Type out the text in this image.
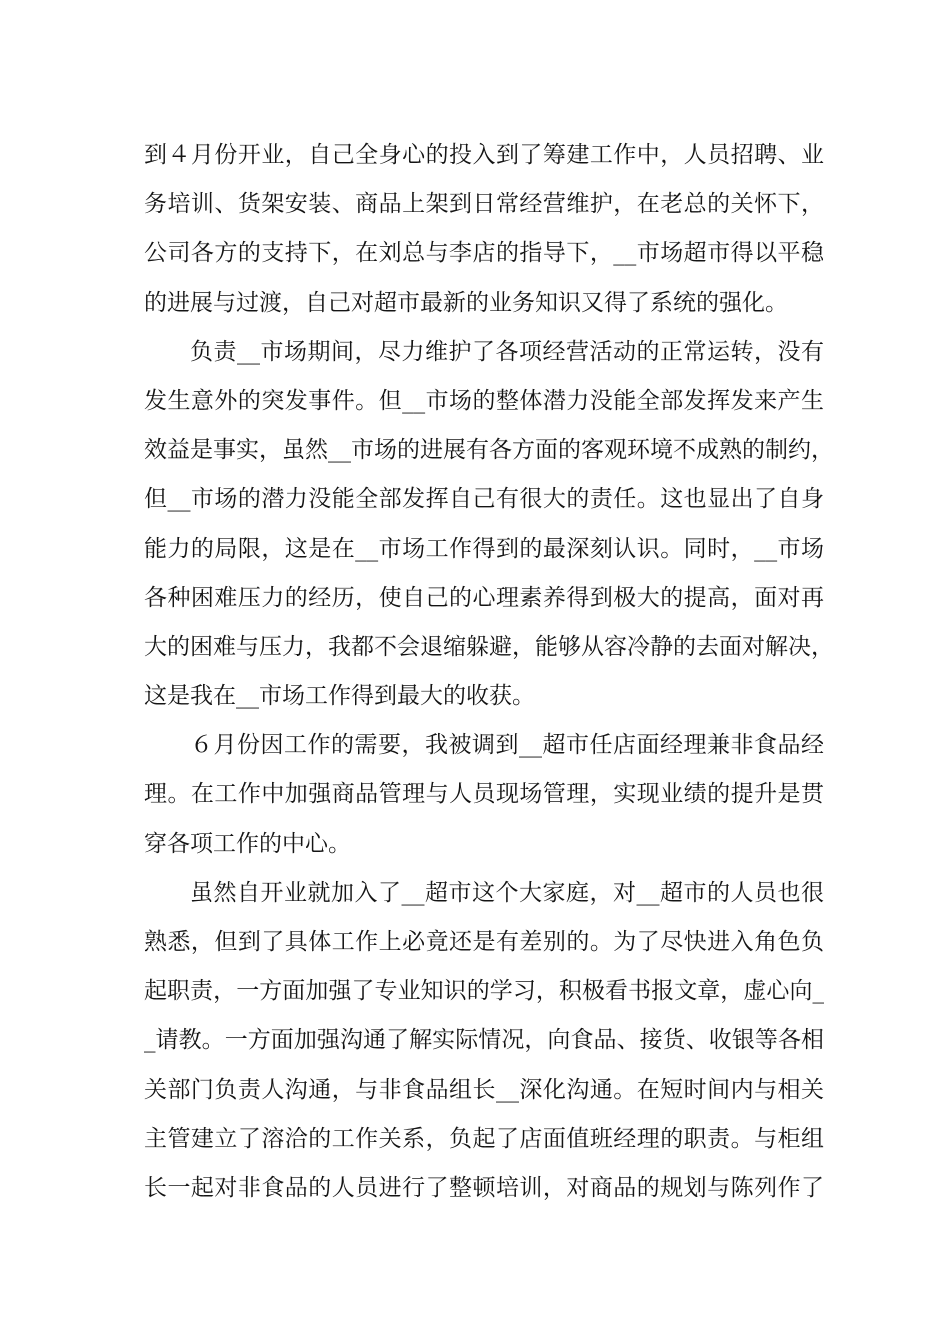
到４月份开业，自己全身心的投入到了筹建工作中，人员招聘、业
务培训、货架安装、商品上架到日常经营维护，在老总的关怀下，
公司各方的支持下，在刘总与李店的指导下，__市场超市得以平稳
的进展与过渡，自己对超市最新的业务知识又得了系统的强化。
负责__市场期间，尽力维护了各项经营活动的正常运转，没有
发生意外的突发事件。但__市场的整体潜力没能全部发挥发来产生
效益是事实，虽然__市场的进展有各方面的客观环境不成熟的制约，
但__市场的潜力没能全部发挥自己有很大的责任。这也显出了自身
能力的局限，这是在__市场工作得到的最深刻认识。同时，__市场
各种困难压力的经历，使自己的心理素养得到极大的提高，面对再
大的困难与压力，我都不会退缩躲避，能够从容冷静的去面对解决，
这是我在__市场工作得到最大的收获。
６月份因工作的需要，我被调到__超市任店面经理兼非食品经
理。在工作中加强商品管理与人员现场管理，实现业绩的提升是贯
穿各项工作的中心。
虽然自开业就加入了__超市这个大家庭，对__超市的人员也很
熟悉，但到了具体工作上必竟还是有差别的。为了尽快进入角色负
起职责，一方面加强了专业知识的学习，积极看书报文章，虚心向_
_请教。一方面加强沟通了解实际情况，向食品、接货、收银等各相
关部门负责人沟通，与非食品组长__深化沟通。在短时间内与相关
主管建立了溶洽的工作关系，负起了店面值班经理的职责。与柜组
长一起对非食品的人员进行了整顿培训，对商品的规划与陈列作了
